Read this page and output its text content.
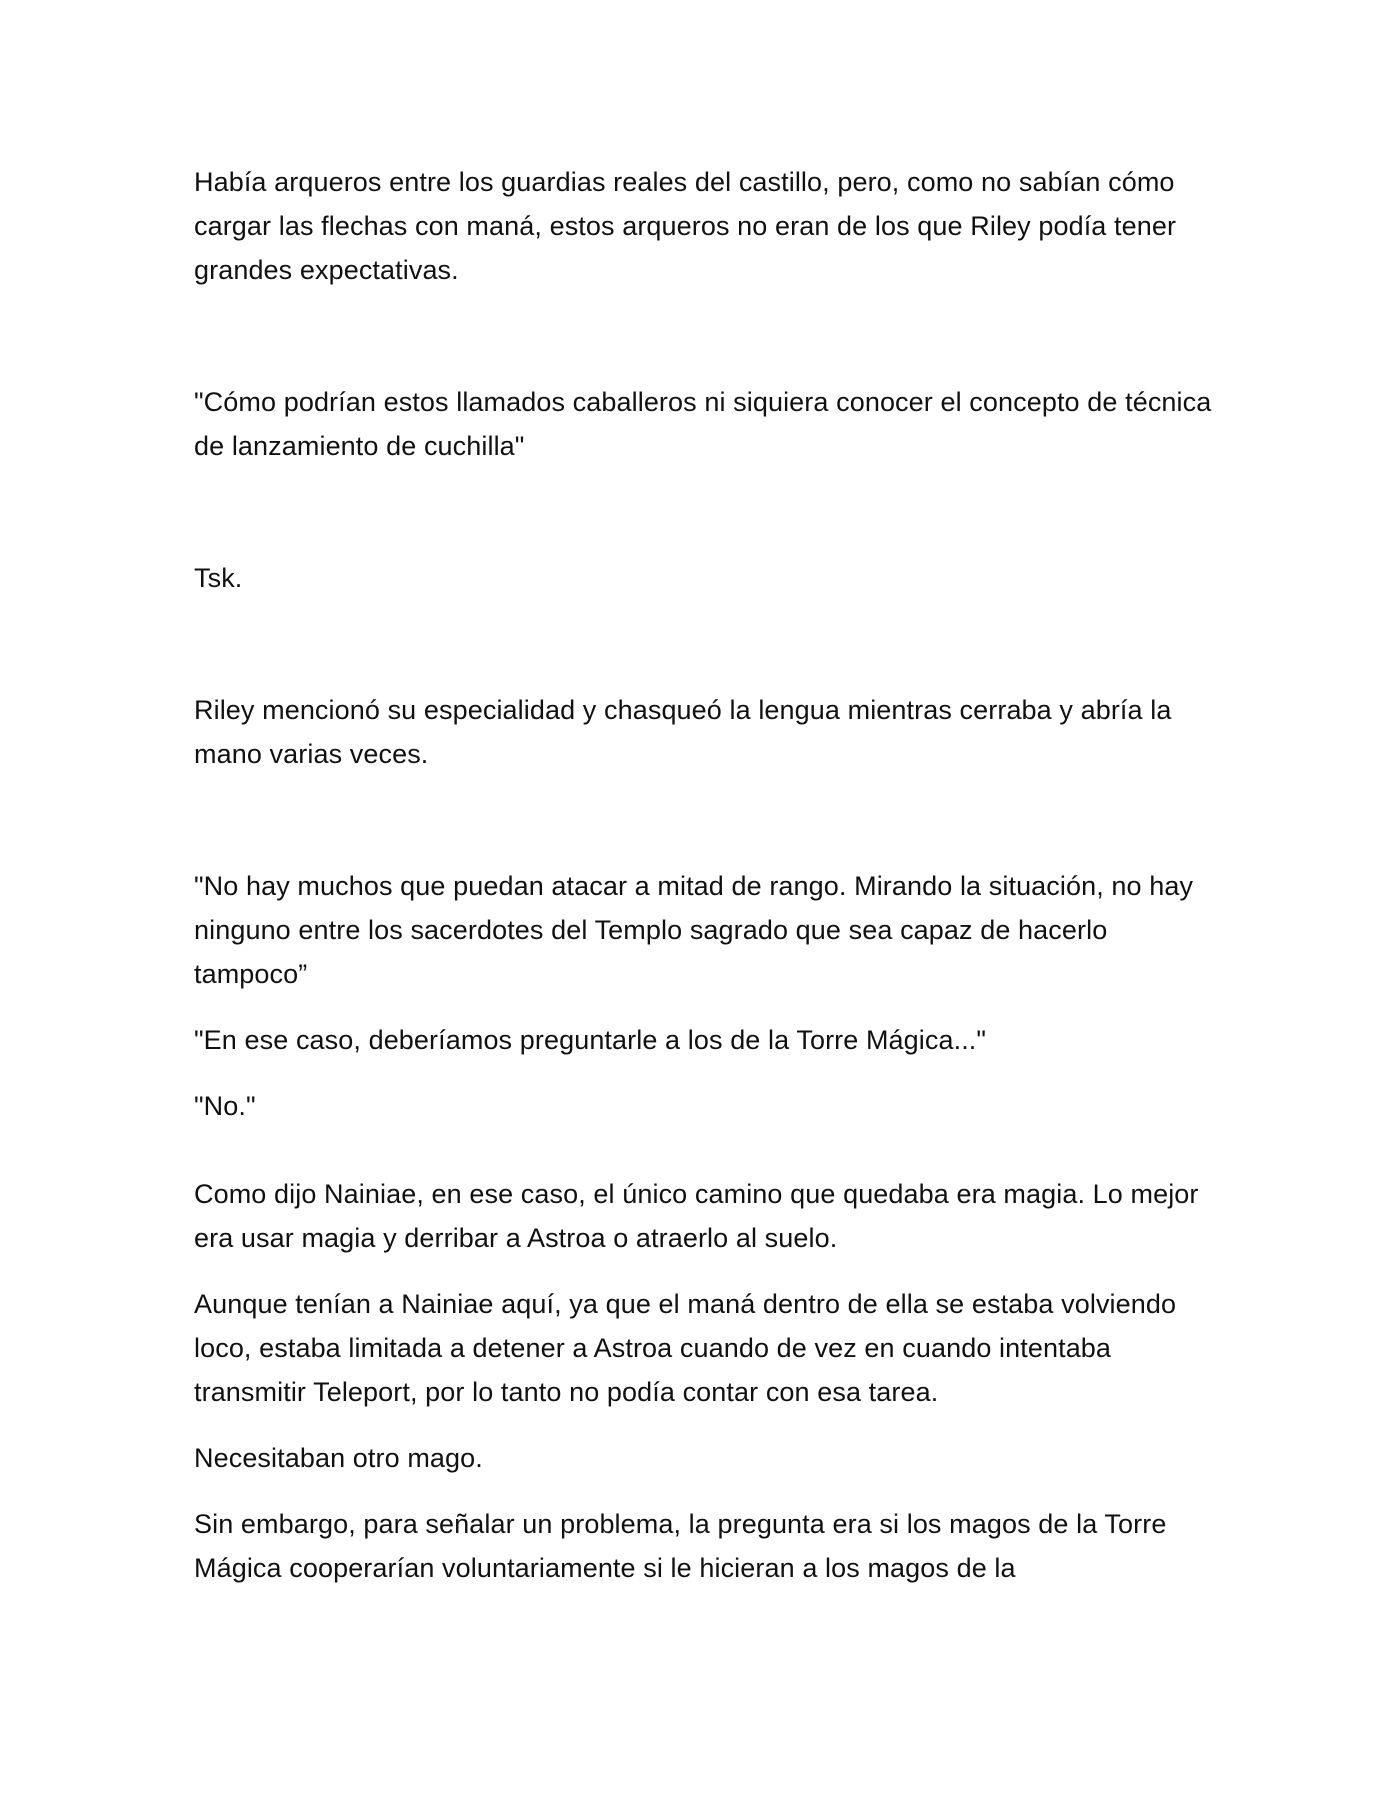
Había arqueros entre los guardias reales del castillo, pero, como no sabían cómo cargar las flechas con maná, estos arqueros no eran de los que Riley podía tener grandes expectativas.

"Cómo podrían estos llamados caballeros ni siquiera conocer el concepto de técnica de lanzamiento de cuchilla"

Tsk.

Riley mencionó su especialidad y chasqueó la lengua mientras cerraba y abría la mano varias veces.

"No hay muchos que puedan atacar a mitad de rango. Mirando la situación, no hay ninguno entre los sacerdotes del Templo sagrado que sea capaz de hacerlo tampoco”

"En ese caso, deberíamos preguntarle a los de la Torre Mágica..."

"No."

Como dijo Nainiae, en ese caso, el único camino que quedaba era magia. Lo mejor era usar magia y derribar a Astroa o atraerlo al suelo.

Aunque tenían a Nainiae aquí, ya que el maná dentro de ella se estaba volviendo loco, estaba limitada a detener a Astroa cuando de vez en cuando intentaba transmitir Teleport, por lo tanto no podía contar con esa tarea.

Necesitaban otro mago.

Sin embargo, para señalar un problema, la pregunta era si los magos de la Torre Mágica cooperarían voluntariamente si le hicieran a los magos de la
